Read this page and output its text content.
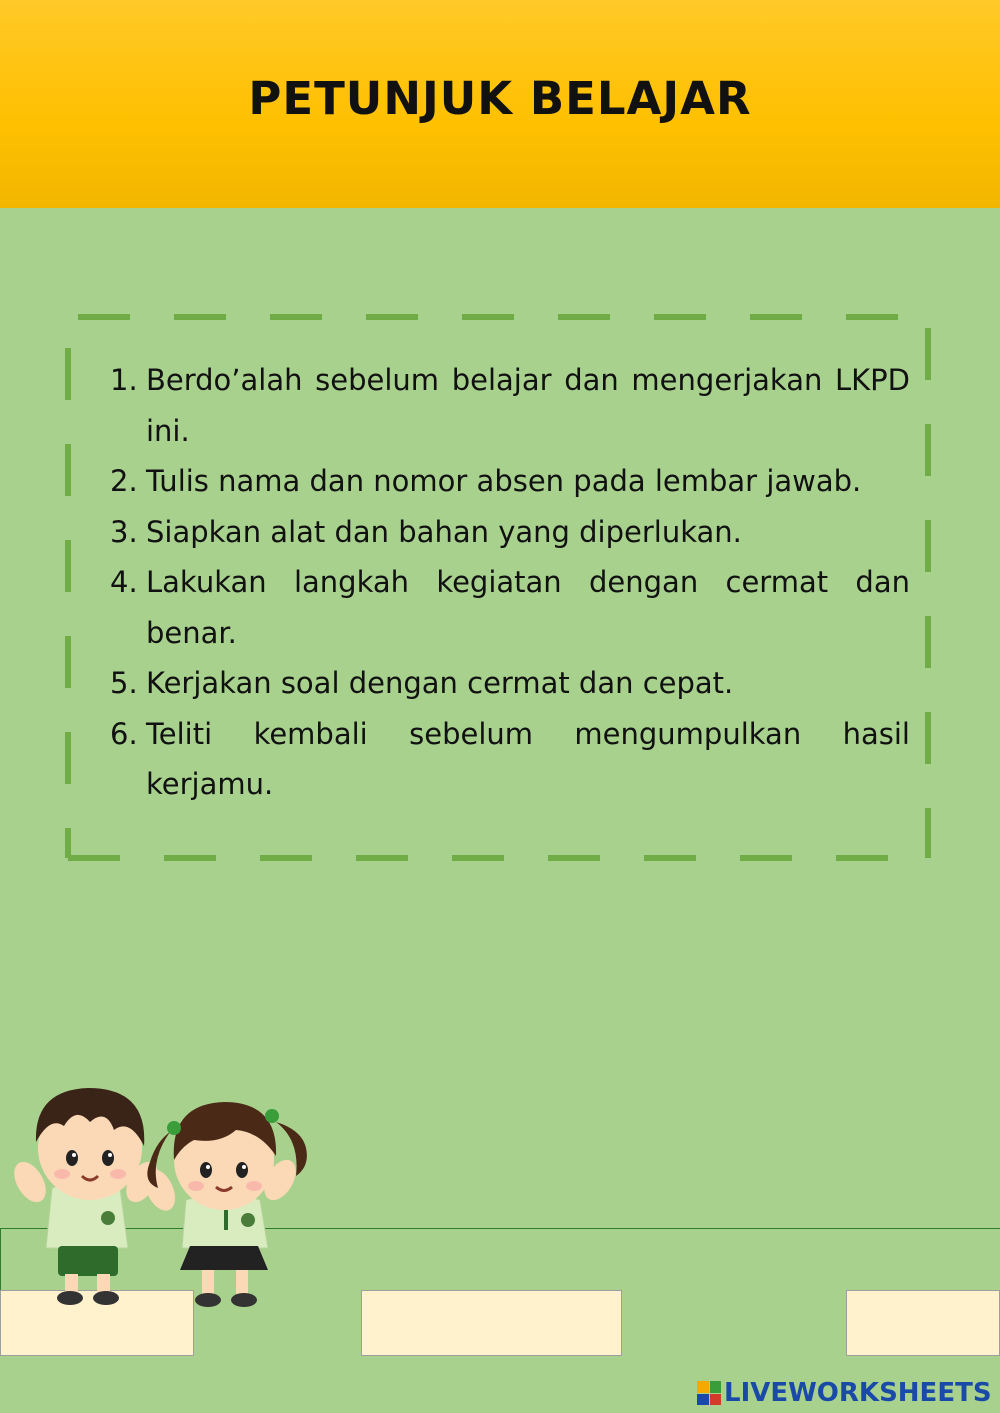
PETUNJUK BELAJAR
1. Berdo’alah sebelum belajar dan mengerjakan LKPD ini.
2. Tulis nama dan nomor absen pada lembar jawab.
3. Siapkan alat dan bahan yang diperlukan.
4. Lakukan langkah kegiatan dengan cermat dan benar.
5. Kerjakan soal dengan cermat dan cepat.
6. Teliti kembali sebelum mengumpulkan hasil kerjamu.
LIVEWORKSHEETS
